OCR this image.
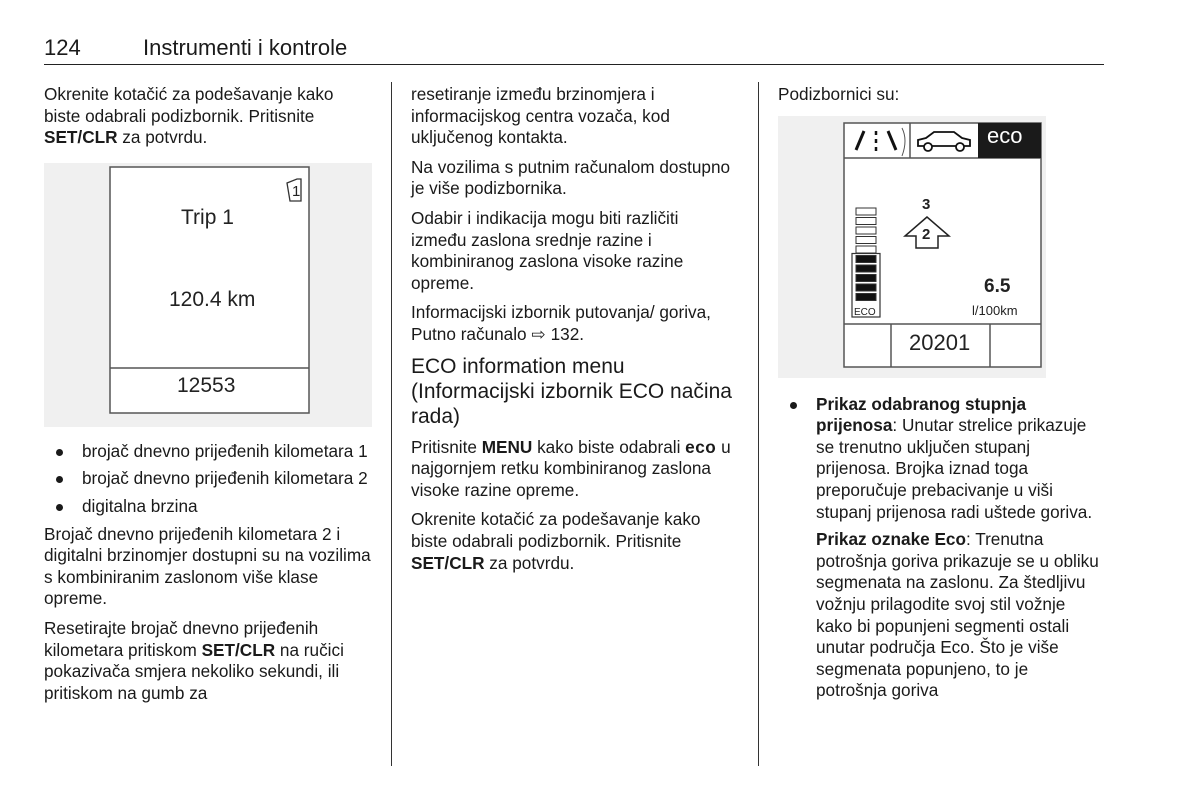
124	Instrumenti i kontrole

Okrenite kotačić za podešavanje kako biste odabrali podizbornik. Pritisnite SET/CLR za potvrdu.

1
Trip 1
120.4 km
12553
brojač dnevno prijeđenih kilometara 1
brojač dnevno prijeđenih kilometara 2
digitalna brzina

Brojač dnevno prijeđenih kilometara 2 i digitalni brzinomjer dostupni su na vozilima s kombiniranim zaslonom više klase opreme.

Resetirajte brojač dnevno prijeđenih kilometara pritiskom SET/CLR na ručici pokazivača smjera nekoliko sekundi, ili pritiskom na gumb za

resetiranje između brzinomjera i informacijskog centra vozača, kod uključenog kontakta.

Na vozilima s putnim računalom dostupno je više podizbornika.

Odabir i indikacija mogu biti različiti između zaslona srednje razine i kombiniranog zaslona visoke razine opreme.

Informacijski izbornik putovanja/ goriva, Putno računalo ⇨ 132.

ECO information menu (Informacijski izbornik ECO načina rada)

Pritisnite MENU kako biste odabrali eco u najgornjem retku kombiniranog zaslona visoke razine opreme.

Okrenite kotačić za podešavanje kako biste odabrali podizbornik. Pritisnite SET/CLR za potvrdu.

Podizbornici su:

eco
3
2
6.5
l/100km
ECO
20201
Prikaz odabranog stupnja prijenosa: Unutar strelice prikazuje se trenutno uključen stupanj prijenosa. Brojka iznad toga preporučuje prebacivanje u viši stupanj prijenosa radi uštede goriva.
Prikaz oznake Eco: Trenutna potrošnja goriva prikazuje se u obliku segmenata na zaslonu. Za štedljivu vožnju prilagodite svoj stil vožnje kako bi popunjeni segmenti ostali unutar područja Eco. Što je više segmenata popunjeno, to je potrošnja goriva
